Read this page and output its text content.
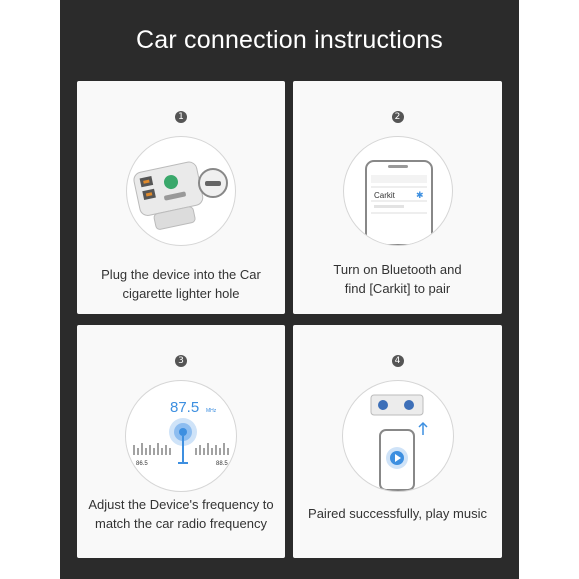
Car connection instructions
1
Plug the device into the Car
cigarette lighter hole
2
Carkit ✱
Turn on Bluetooth and
find [Carkit] to pair
3
87.5 MHz
86.5	88.5
Adjust the Device's frequency to
match the car radio frequency
4
Paired successfully, play music
